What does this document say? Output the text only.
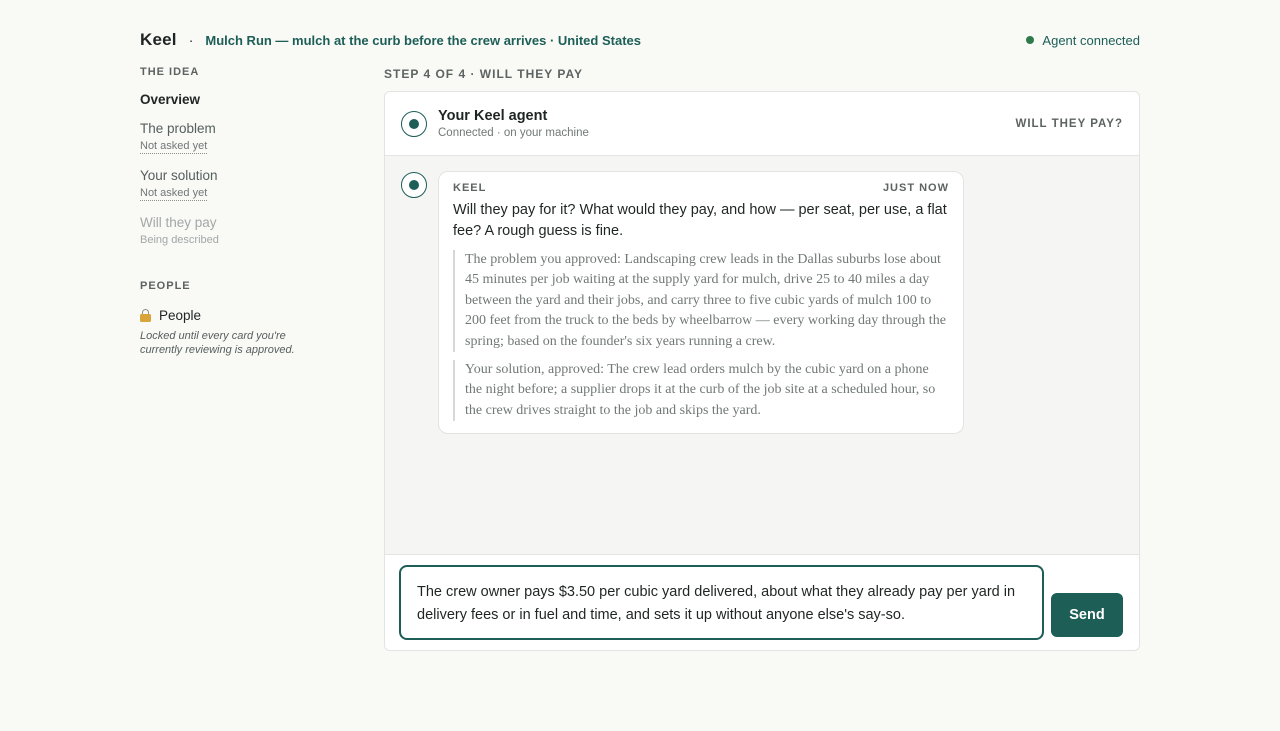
Keel · Mulch Run — mulch at the curb before the crew arrives · United States	Agent connected
THE IDEA
Overview
The problem
Not asked yet
Your solution
Not asked yet
Will they pay
Being described
PEOPLE
People
Locked until every card you're currently reviewing is approved.
STEP 4 OF 4 · WILL THEY PAY
Your Keel agent
Connected · on your machine
WILL THEY PAY?
KEEL	JUST NOW
Will they pay for it? What would they pay, and how — per seat, per use, a flat fee? A rough guess is fine.
The problem you approved: Landscaping crew leads in the Dallas suburbs lose about 45 minutes per job waiting at the supply yard for mulch, drive 25 to 40 miles a day between the yard and their jobs, and carry three to five cubic yards of mulch 100 to 200 feet from the truck to the beds by wheelbarrow — every working day through the spring; based on the founder's six years running a crew.
Your solution, approved: The crew lead orders mulch by the cubic yard on a phone the night before; a supplier drops it at the curb of the job site at a scheduled hour, so the crew drives straight to the job and skips the yard.
The crew owner pays $3.50 per cubic yard delivered, about what they already pay per yard in delivery fees or in fuel and time, and sets it up without anyone else's say-so.	Send
